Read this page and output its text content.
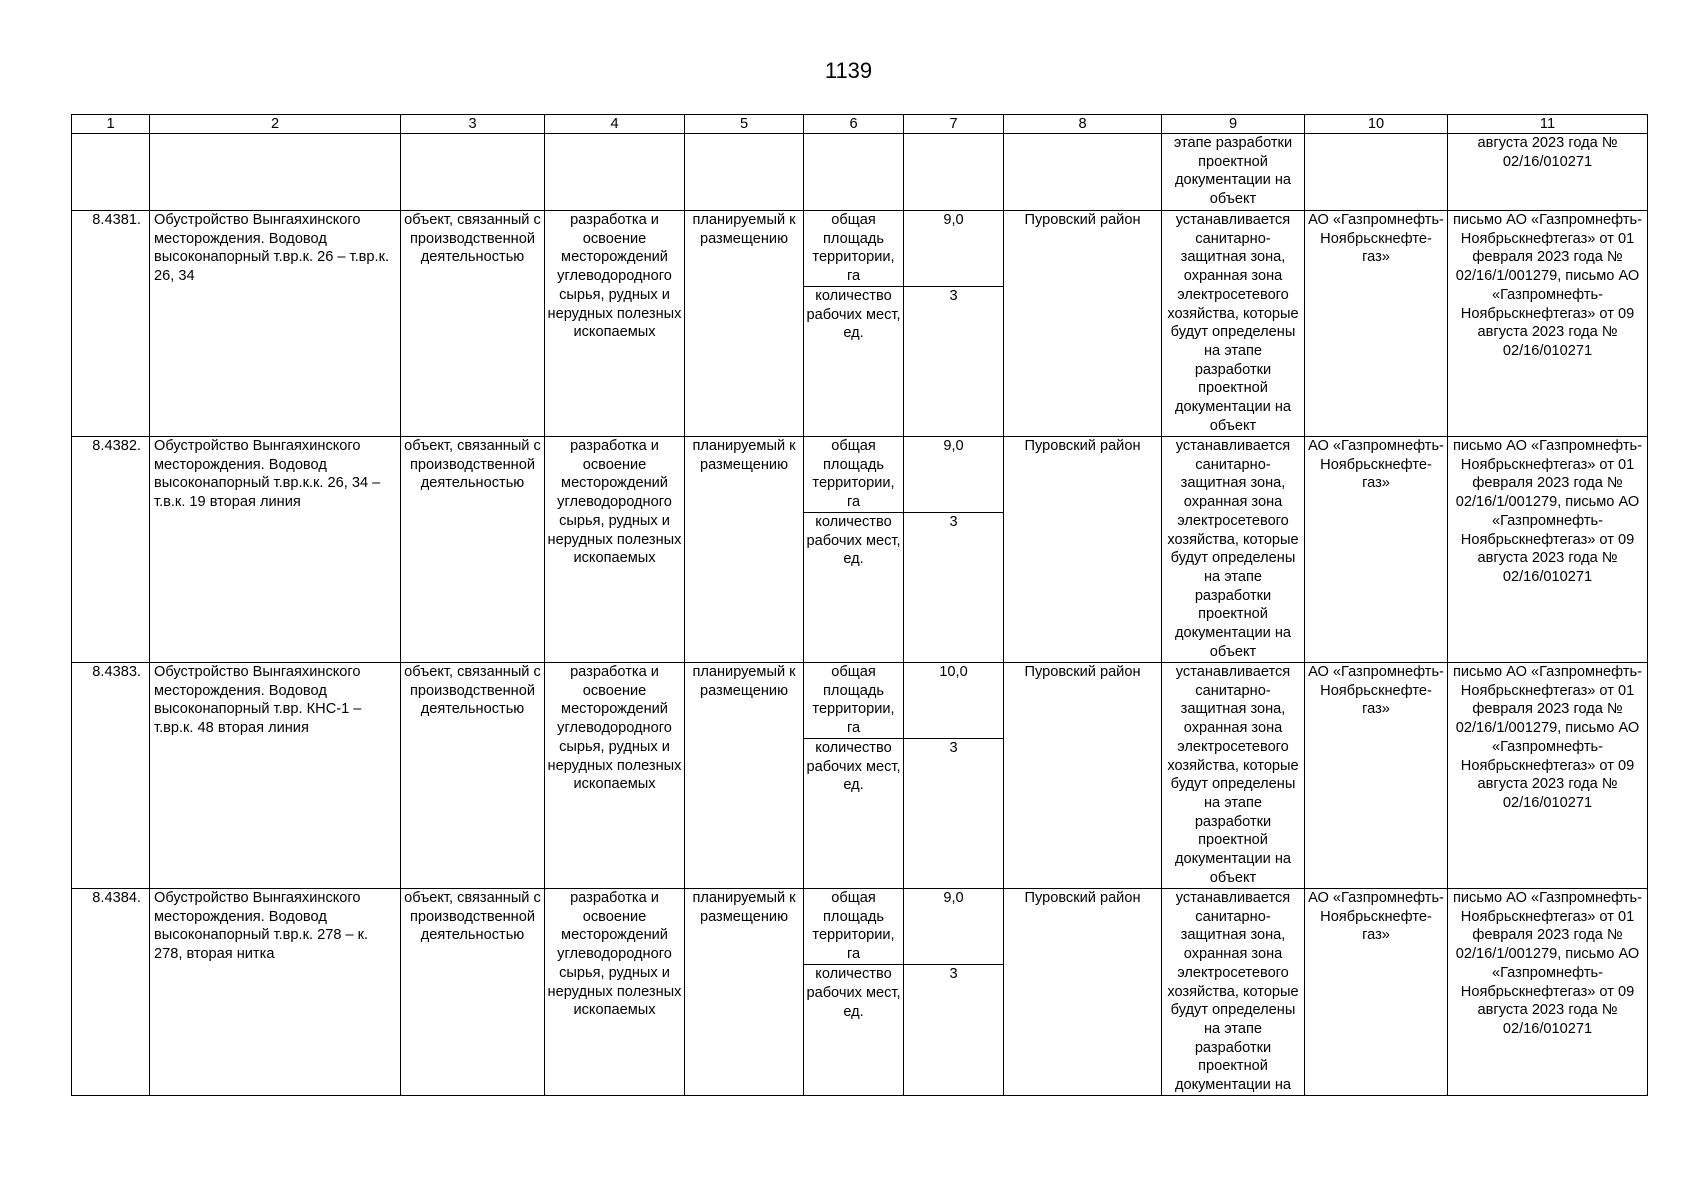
1139
1	2	3	4	5	6	7	8	9	10	11
								этапе разработки проектной документации на объект		августа 2023 года № 02/16/010271
8.4381.	Обустройство Вынгаяхинского месторождения. Водовод высоконапорный т.вр.к. 26 – т.вр.к. 26, 34	объект, связанный с производственной деятельностью	разработка и освоение месторождений углеводородного сырья, рудных и нерудных полезных ископаемых	планируемый к размещению	общая площадь территории, га	9,0	Пуровский район	устанавливается санитарно-защитная зона, охранная зона электросетевого хозяйства, которые будут определены на этапе разработки проектной документации на объект	АО «Газпромнефть-Ноябрьскнефте-газ»	письмо АО «Газпромнефть-Ноябрьскнефтегаз» от 01 февраля 2023 года № 02/16/1/001279, письмо АО «Газпромнефть-Ноябрьскнефтегаз» от 09 августа 2023 года № 02/16/010271
					количество рабочих мест, ед.	3				
8.4382.	Обустройство Вынгаяхинского месторождения. Водовод высоконапорный т.вр.к.к. 26, 34 – т.в.к. 19 вторая линия	объект, связанный с производственной деятельностью	разработка и освоение месторождений углеводородного сырья, рудных и нерудных полезных ископаемых	планируемый к размещению	общая площадь территории, га	9,0	Пуровский район	устанавливается санитарно-защитная зона, охранная зона электросетевого хозяйства, которые будут определены на этапе разработки проектной документации на объект	АО «Газпромнефть-Ноябрьскнефте-газ»	письмо АО «Газпромнефть-Ноябрьскнефтегаз» от 01 февраля 2023 года № 02/16/1/001279, письмо АО «Газпромнефть-Ноябрьскнефтегаз» от 09 августа 2023 года № 02/16/010271
					количество рабочих мест, ед.	3				
8.4383.	Обустройство Вынгаяхинского месторождения. Водовод высоконапорный т.вр. КНС-1 – т.вр.к. 48 вторая линия	объект, связанный с производственной деятельностью	разработка и освоение месторождений углеводородного сырья, рудных и нерудных полезных ископаемых	планируемый к размещению	общая площадь территории, га	10,0	Пуровский район	устанавливается санитарно-защитная зона, охранная зона электросетевого хозяйства, которые будут определены на этапе разработки проектной документации на объект	АО «Газпромнефть-Ноябрьскнефте-газ»	письмо АО «Газпромнефть-Ноябрьскнефтегаз» от 01 февраля 2023 года № 02/16/1/001279, письмо АО «Газпромнефть-Ноябрьскнефтегаз» от 09 августа 2023 года № 02/16/010271
					количество рабочих мест, ед.	3				
8.4384.	Обустройство Вынгаяхинского месторождения. Водовод высоконапорный т.вр.к. 278 – к. 278, вторая нитка	объект, связанный с производственной деятельностью	разработка и освоение месторождений углеводородного сырья, рудных и нерудных полезных ископаемых	планируемый к размещению	общая площадь территории, га	9,0	Пуровский район	устанавливается санитарно-защитная зона, охранная зона электросетевого хозяйства, которые будут определены на этапе разработки проектной документации на	АО «Газпромнефть-Ноябрьскнефте-газ»	письмо АО «Газпромнефть-Ноябрьскнефтегаз» от 01 февраля 2023 года № 02/16/1/001279, письмо АО «Газпромнефть-Ноябрьскнефтегаз» от 09 августа 2023 года № 02/16/010271
					количество рабочих мест, ед.	3				
